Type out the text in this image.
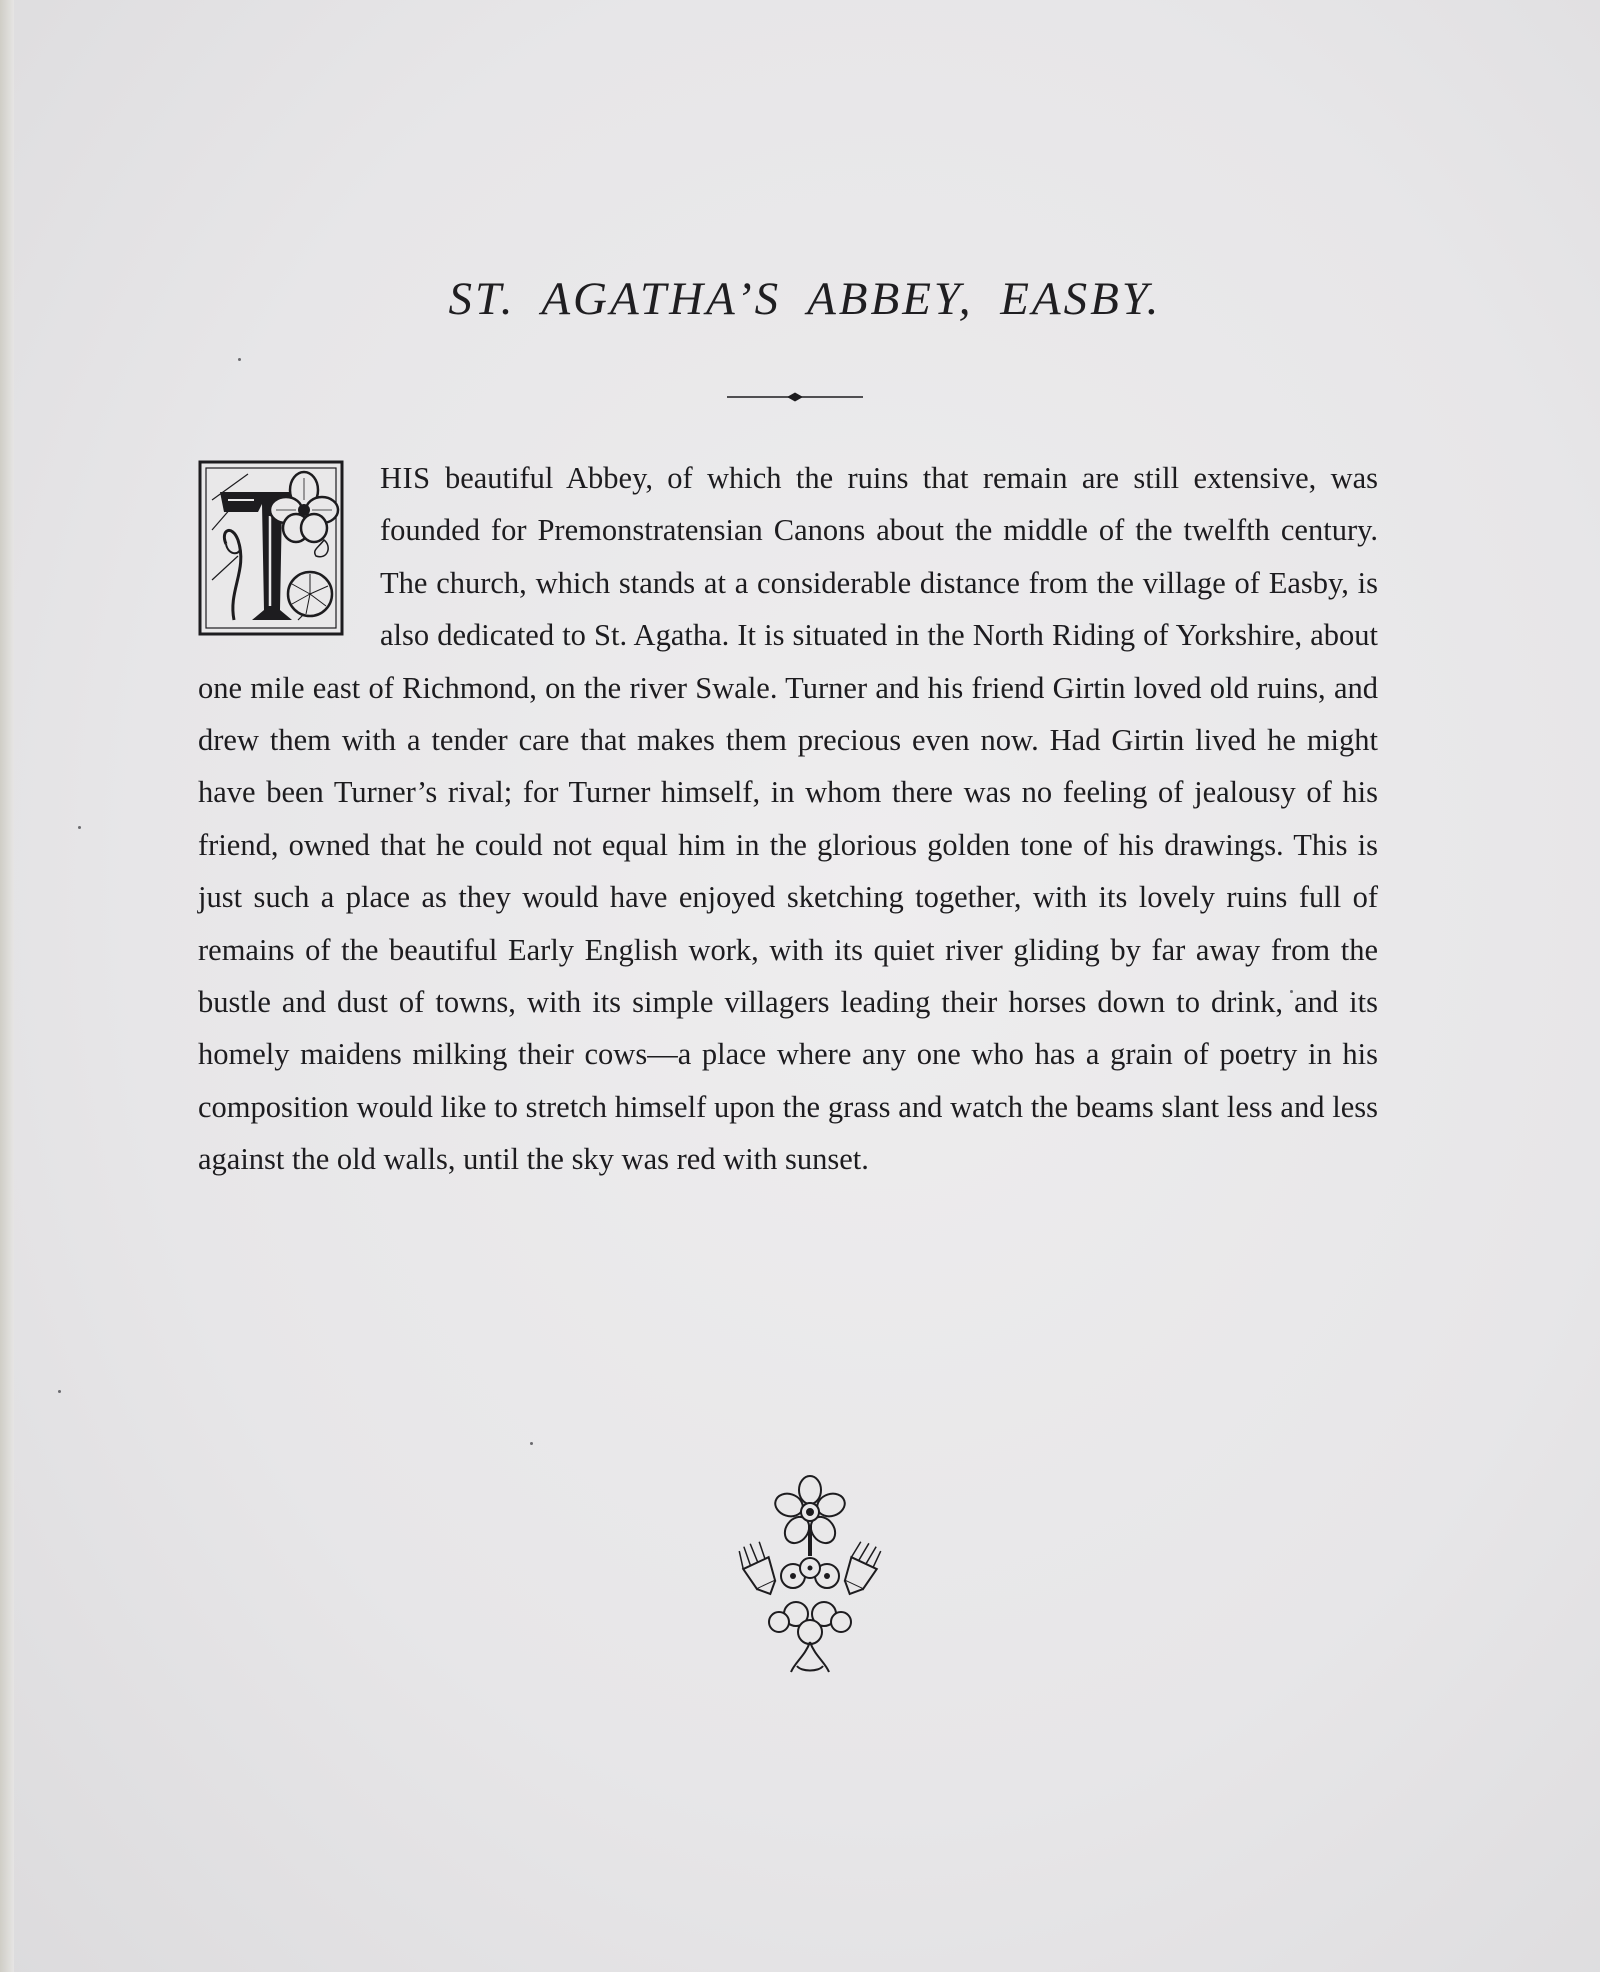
ST. AGATHA’S ABBEY, EASBY.
HIS beautiful Abbey, of which the ruins that remain are still extensive, was founded for Premonstratensian Canons about the middle of the twelfth century. The church, which stands at a considerable distance from the village of Easby, is also dedicated to St. Agatha. It is situated in the North Riding of Yorkshire, about one mile east of Richmond, on the river Swale. Turner and his friend Girtin loved old ruins, and drew them with a tender care that makes them precious even now. Had Girtin lived he might have been Turner’s rival; for Turner himself, in whom there was no feeling of jealousy of his friend, owned that he could not equal him in the glorious golden tone of his drawings. This is just such a place as they would have enjoyed sketching together, with its lovely ruins full of remains of the beautiful Early English work, with its quiet river gliding by far away from the bustle and dust of towns, with its simple villagers leading their horses down to drink, and its homely maidens milking their cows—a place where any one who has a grain of poetry in his composition would like to stretch himself upon the grass and watch the beams slant less and less against the old walls, until the sky was red with sunset.
